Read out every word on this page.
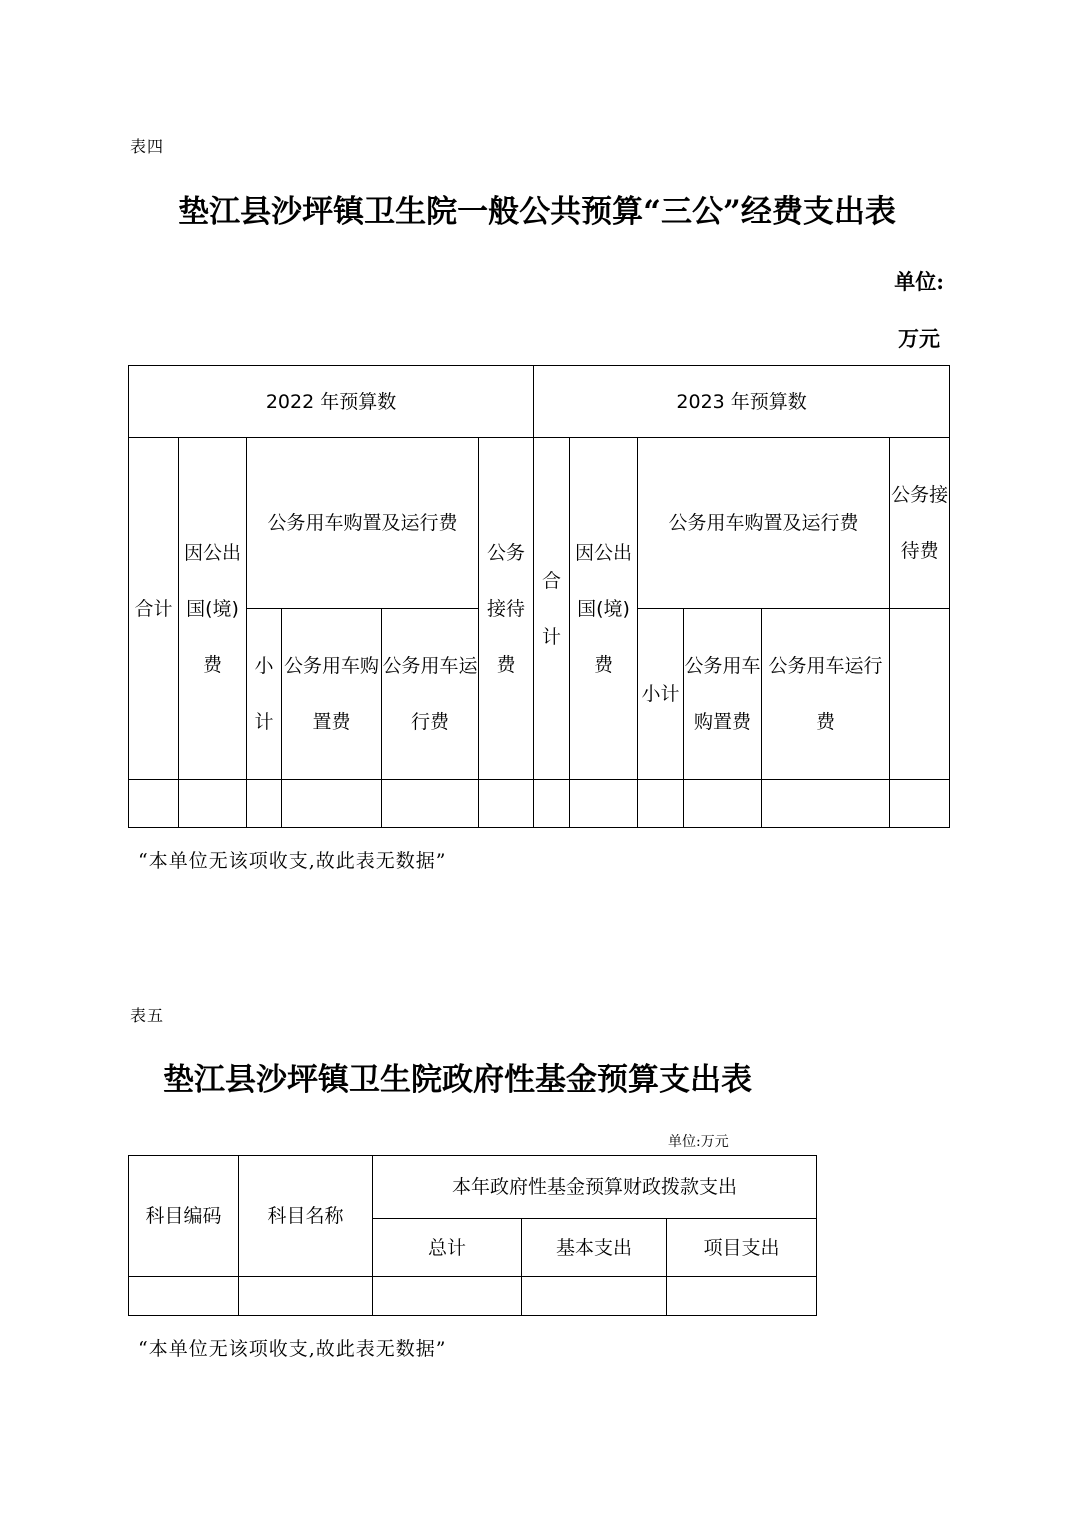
表四
垫江县沙坪镇卫生院一般公共预算“三公”经费支出表
单位:
万元
2022 年预算数						2023 年预算数					
合计	因公出国(境)费	公务用车购置及运行费			公务接待费	合计	因公出国(境)费	公务用车购置及运行费			公务接待费
		小计	公务用车购置费	公务用车运行费				小计	公务用车购置费	公务用车运行费	

“本单位无该项收支,故此表无数据”
表五
垫江县沙坪镇卫生院政府性基金预算支出表
单位:万元
科目编码	科目名称	本年政府性基金预算财政拨款支出		
		总计	基本支出	项目支出

“本单位无该项收支,故此表无数据”
